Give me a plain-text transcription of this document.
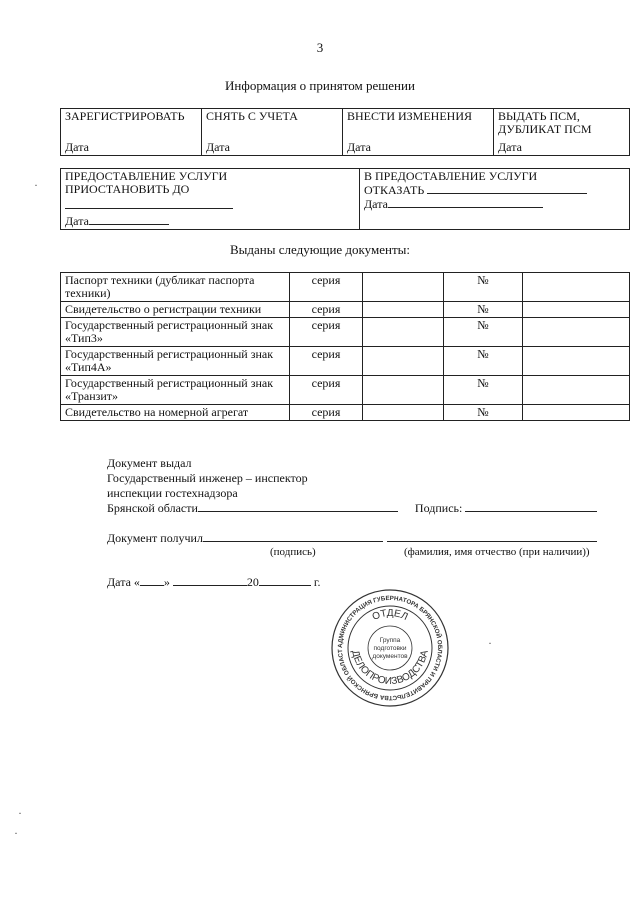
3
Информация о принятом решении
ЗАРЕГИСТРИРОВАТЬ
Дата
	СНЯТЬ С УЧЕТА
Дата
	ВНЕСТИ ИЗМЕНЕНИЯ
Дата
	ВЫДАТЬ ПСМ, ДУБЛИКАТ ПСМ
Дата
ПРЕДОСТАВЛЕНИЕ УСЛУГИ ПРИОСТАНОВИТЬ ДО
Дата

В ПРЕДОСТАВЛЕНИЕ УСЛУГИ
ОТКАЗАТЬ
Дата
Выданы следующие документы:
Паспорт техники (дубликат паспорта техники)	серия		№	
Свидетельство о регистрации техники	серия		№	
Государственный регистрационный знак «Тип3»	серия		№	
Государственный регистрационный знак «Тип4А»	серия		№	
Государственный регистрационный знак «Транзит»	серия		№	
Свидетельство на номерной агрегат	серия		№	
Документ выдал
Государственный инженер – инспектор
инспекции гостехнадзора
Брянской области	Подпись:
Документ получил
(подпись)	(фамилия, имя отчество (при наличии))
Дата « »	20	г.
АДМИНИСТРАЦИЯ ГУБЕРНАТОРА БРЯНСКОЙ ОБЛАСТИ И ПРАВИТЕЛЬСТВА БРЯНСКОЙ ОБЛАСТ
ОТДЕЛ
ДЕЛОПРОИЗВОДСТВА
Группа
подготовки
документов
·
·
·
·
